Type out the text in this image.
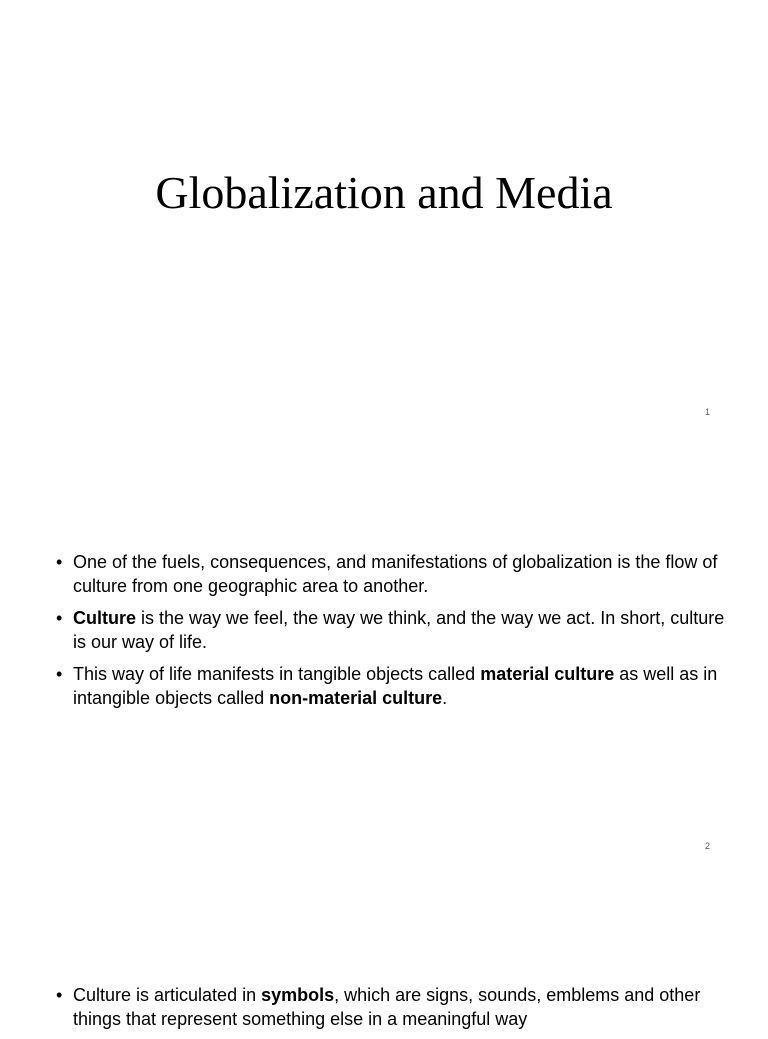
Globalization and Media
1
• One of the fuels, consequences, and manifestations of globalization is the flow of culture from one geographic area to another.
• Culture is the way we feel, the way we think, and the way we act. In short, culture is our way of life.
• This way of life manifests in tangible objects called material culture as well as in intangible objects called non-material culture.
2
• Culture is articulated in symbols, which are signs, sounds, emblems and other things that represent something else in a meaningful way
